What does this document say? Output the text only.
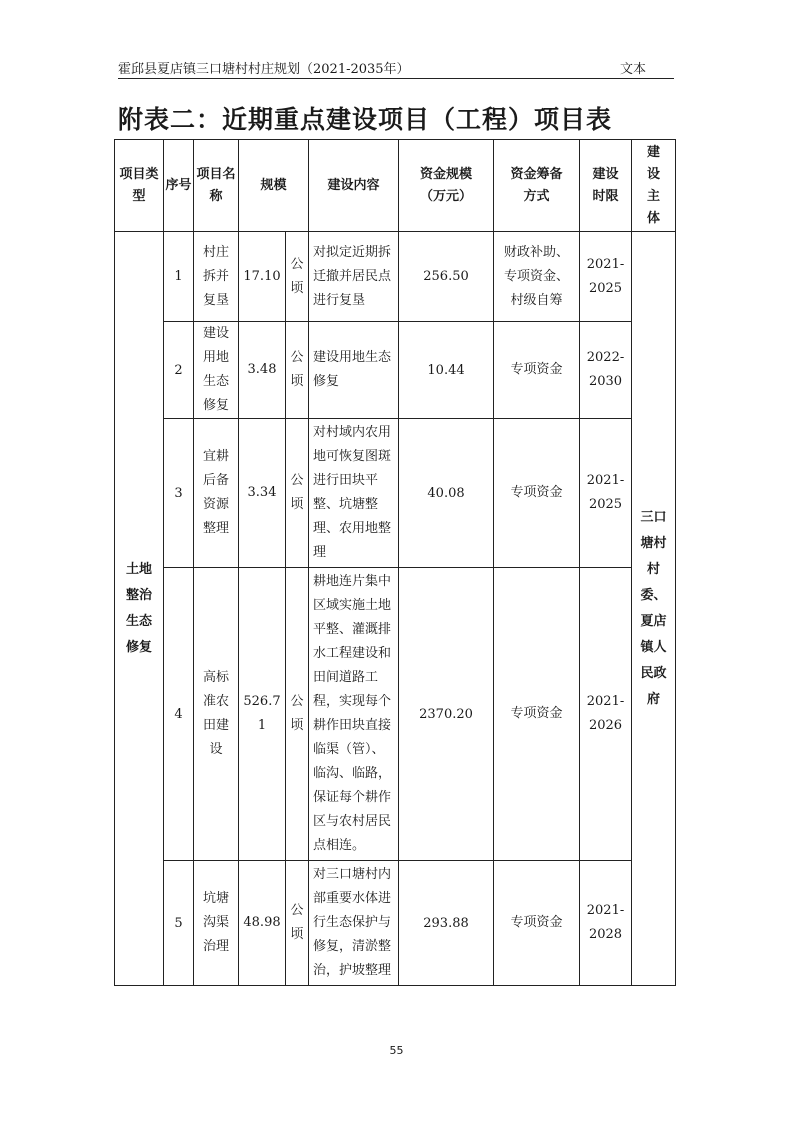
霍邱县夏店镇三口塘村村庄规划（2021-2035年）	文本
附表二：近期重点建设项目（工程）项目表
项目类型	序号	项目名称	规模		建设内容	资金规模（万元）	资金筹备方式	建设时限	建设主体
土地整治生态修复	1	村庄拆并复垦	17.10	公顷	对拟定近期拆迁撤并居民点进行复垦	256.50	财政补助、专项资金、村级自筹	2021-2025	三口塘村村委、夏店镇人民政府
	2	建设用地生态修复	3.48	公顷	建设用地生态修复	10.44	专项资金	2022-2030	
	3	宜耕后备资源整理	3.34	公顷	对村域内农用地可恢复图斑进行田块平整、坑塘整理、农用地整理	40.08	专项资金	2021-2025	
	4	高标准农田建设	526.71	公顷	耕地连片集中区域实施土地平整、灌溉排水工程建设和田间道路工程，实现每个耕作田块直接临渠（管）、临沟、临路，保证每个耕作区与农村居民点相连。	2370.20	专项资金	2021-2026	
	5	坑塘沟渠治理	48.98	公顷	对三口塘村内部重要水体进行生态保护与修复，清淤整治，护坡整理	293.88	专项资金	2021-2028	
55
